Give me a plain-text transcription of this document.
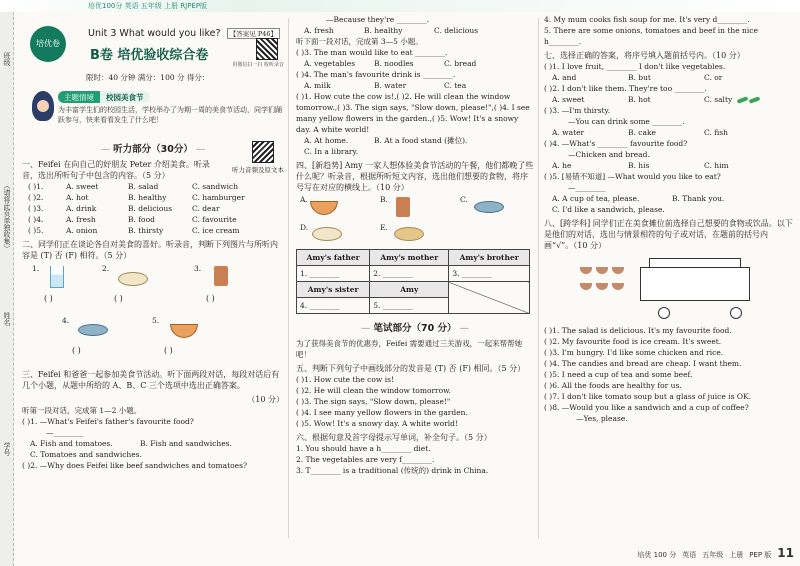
培优100分 英语 五年级 上册 RJPEP版
班级
（请将此页单独收集）
姓名
学号
培优卷
Unit 3 What would you like?
B卷 培优验收综合卷
【答案见 P46】
用微信扫一扫 收听录音
限时：40 分钟 满分：100 分 得分：
主题情境	校园美食节
为丰富学生们的校园生活，学校举办了为期一周的美食节活动，同学们踊跃参与，快来看看发生了什么吧！
— 听力部分（30分） —
一、Feifei 在向自己的好朋友 Peter 介绍美食。听录音，选出所听句子中包含的内容。（5 分）
听力音频及原文本
( )1.	A. sweet	B. salad	C. sandwich
( )2.	A. hot	B. healthy	C. hamburger
( )3.	A. drink	B. delicious	C. dear
( )4.	A. fresh	B. food	C. favourite
( )5.	A. onion	B. thirsty	C. ice cream
二、同学们正在谈论各自对美食的喜好。听录音，判断下列图片与所听内容是 (T) 否 (F) 相符。（5 分）
1.
( )
2.
( )
3.
( )
4.
( )
5.
( )
三、Feifei 和爸爸一起参加美食节活动。听下面两段对话，每段对话后有几个小题，从题中所给的 A、B、C 三个选项中选出正确答案。
（10 分）
听第一段对话，完成第 1—2 小题。
( )1. —What's Feifei's father's favourite food?
—________
A. Fish and tomatoes.	B. Fish and sandwiches.
C. Tomatoes and sandwiches.
( )2. —Why does Feifei like beef sandwiches and tomatoes?
—Because they're ________.
A. fresh	B. healthy	C. delicious
听下面一段对话，完成第 3—5 小题。
( )3. The man would like to eat ________.
A. vegetables	B. noodles	C. bread
( )4. The man's favourite drink is ________.
A. milk	B. water	C. tea
( )1. How cute the cow is!,( )2. He will clean the window tomorrow.,( )3. The sign says, "Slow down, please!",( )4. I see many yellow flowers in the garden.,( )5. Wow! It's a snowy day. A white world!
A. At home.	B. At a food stand (摊位).
C. In a library.
四、[新趋势] Amy 一家人想体验美食节活动的午餐，他们都晚了些什么呢？听录音，根据所听短文内容，选出他们想要的食物，将序号写在对应的横线上。（10 分）
A.	B.	C.
D.	E.
Amy's father	Amy's mother	Amy's brother
1. ________	2. ________	3. ________
Amy's sister	Amy	
4. ________	5. ________	
— 笔试部分（70 分） —
为了获得美食节的优惠券，Feifei 需要通过三关游戏，一起来帮帮她吧！
五、判断下列句子中画线部分的发音是 (T) 否 (F) 相同。（5 分）
( )1. How cute the cow is!
( )2. He will clean the window tomorrow.
( )3. The sign says, "Slow down, please!"
( )4. I see many yellow flowers in the garden.
( )5. Wow! It's a snowy day. A white world!
六、根据句意及首字母提示写单词，补全句子。（5 分）
1. You should have a h________ diet.
2. The vegetables are very f________.
3. T________ is a traditional (传统的) drink in China.
4. My mum cooks fish soup for me. It's very d________.
5. There are some onions, tomatoes and beef in the nice h________.
七、选择正确的答案，将序号填入题前括号内。（10 分）
( )1. I love fruit, ________ I don't like vegetables.
A. and	B. but	C. or
( )2. I don't like them. They're too ________.
A. sweet	B. hot	C. salty
( )3. —I'm thirsty.
—You can drink some ________.
A. water	B. cake	C. fish
( )4. —What's ________ favourite food?
—Chicken and bread.
A. he	B. his	C. him
( )5. [易错不知道] —What would you like to eat?
—________
A. A cup of tea, please.	B. Thank you.
C. I'd like a sandwich, please.
八、[跨学科] 同学们正在美食摊位前选择自己想要的食物或饮品。以下是他们的对话，选出与情景相符的句子或对话，在题前的括号内画“√”。（10 分）
( )1. The salad is delicious. It's my favourite food.
( )2. My favourite food is ice cream. It's sweet.
( )3. I'm hungry. I'd like some chicken and rice.
( )4. The candies and bread are cheap. I want them.
( )5. I need a cup of tea and some beef.
( )6. All the foods are healthy for us.
( )7. I don't like tomato soup but a glass of juice is OK.
( )8. —Would you like a sandwich and a cup of coffee?
—Yes, please.
培优 100 分 英语 五年级 上册 PEP 版 11
